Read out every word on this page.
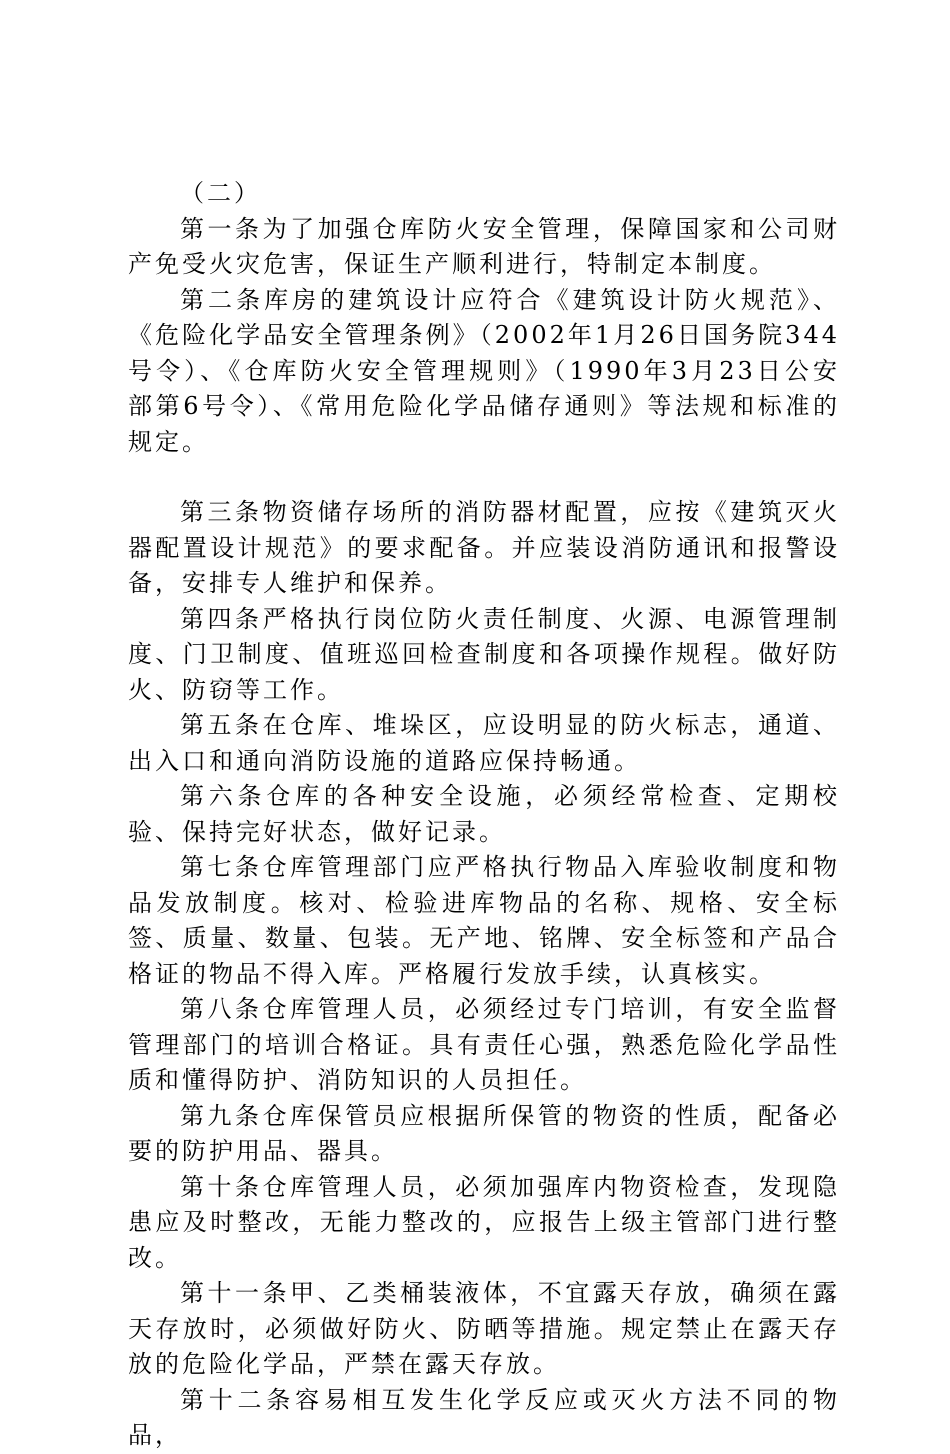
（二）

第一条为了加强仓库防火安全管理，保障国家和公司财产免受火灾危害，保证生产顺利进行，特制定本制度。

第二条库房的建筑设计应符合《建筑设计防火规范》、《危险化学品安全管理条例》（2002年1月26日国务院344号令）、《仓库防火安全管理规则》（1990年3月23日公安部第6号令）、《常用危险化学品储存通则》等法规和标准的规定。

第三条物资储存场所的消防器材配置，应按《建筑灭火器配置设计规范》的要求配备。并应装设消防通讯和报警设备，安排专人维护和保养。

第四条严格执行岗位防火责任制度、火源、电源管理制度、门卫制度、值班巡回检查制度和各项操作规程。做好防火、防窃等工作。

第五条在仓库、堆垛区，应设明显的防火标志，通道、出入口和通向消防设施的道路应保持畅通。

第六条仓库的各种安全设施，必须经常检查、定期校验、保持完好状态，做好记录。

第七条仓库管理部门应严格执行物品入库验收制度和物品发放制度。核对、检验进库物品的名称、规格、安全标签、质量、数量、包装。无产地、铭牌、安全标签和产品合格证的物品不得入库。严格履行发放手续，认真核实。

第八条仓库管理人员，必须经过专门培训，有安全监督管理部门的培训合格证。具有责任心强，熟悉危险化学品性质和懂得防护、消防知识的人员担任。

第九条仓库保管员应根据所保管的物资的性质，配备必要的防护用品、器具。

第十条仓库管理人员，必须加强库内物资检查，发现隐患应及时整改，无能力整改的，应报告上级主管部门进行整改。

第十一条甲、乙类桶装液体，不宜露天存放，确须在露天存放时，必须做好防火、防晒等措施。规定禁止在露天存放的危险化学品，严禁在露天存放。

第十二条容易相互发生化学反应或灭火方法不同的物品，
